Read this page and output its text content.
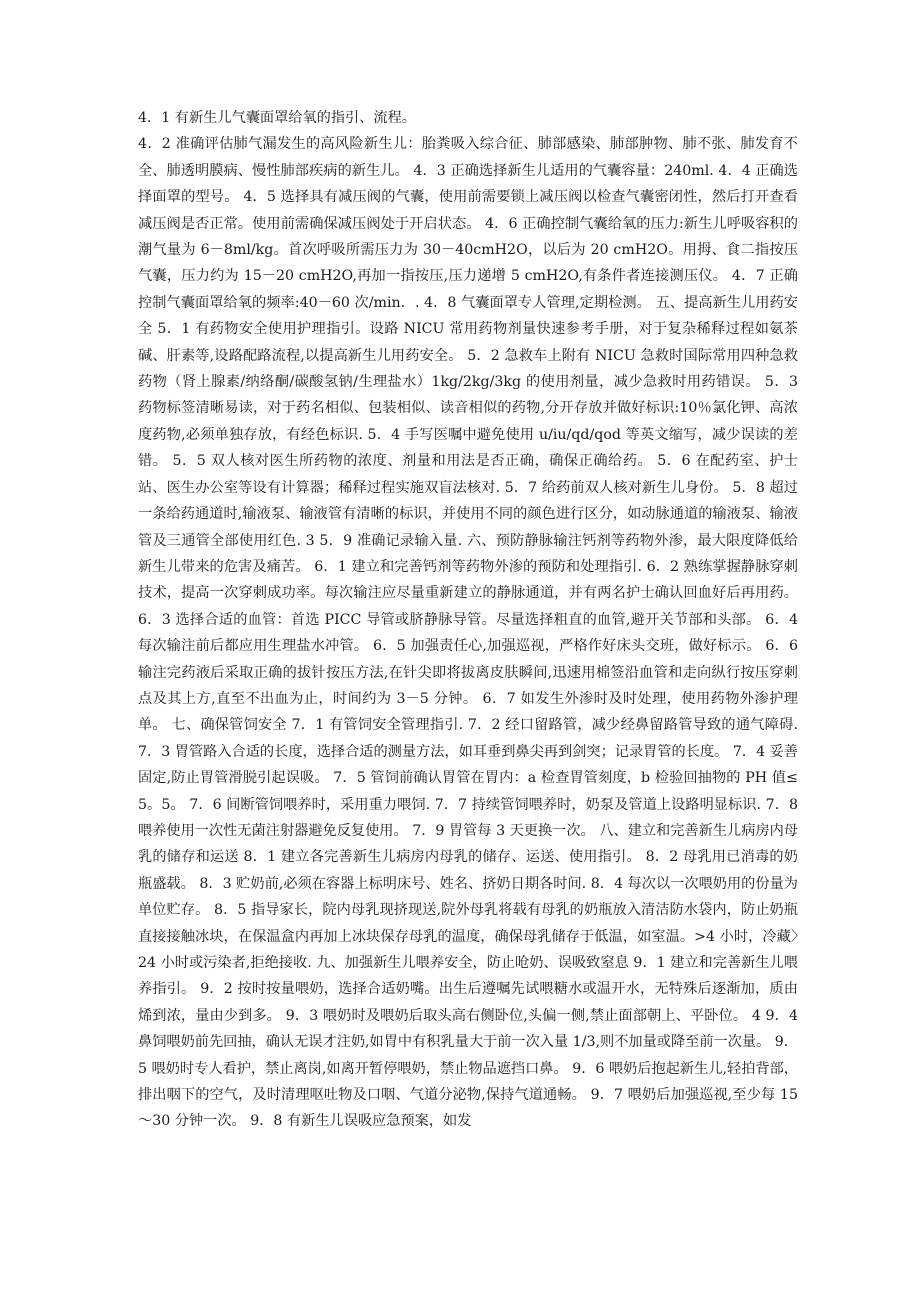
4．1 有新生儿气囊面罩给氧的指引、流程。

4．2 准确评估肺气漏发生的高风险新生儿：胎粪吸入综合征、肺部感染、肺部肿物、肺不张、肺发育不全、肺透明膜病、慢性肺部疾病的新生儿。 4．3 正确选择新生儿适用的气囊容量：240ml. 4．4 正确选择面罩的型号。 4．5 选择具有减压阀的气囊，使用前需要锁上减压阀以检查气囊密闭性，然后打开查看减压阀是否正常。使用前需确保减压阀处于开启状态。 4．6 正确控制气囊给氧的压力:新生儿呼吸容积的潮气量为 6－8ml/kg。首次呼吸所需压力为 30－40cmH2O，以后为 20 cmH2O。用拇、食二指按压气囊，压力约为 15－20 cmH2O,再加一指按压,压力递增 5 cmH2O,有条件者连接测压仪。 4．7 正确控制气囊面罩给氧的频率:40－60 次/min．. 4．8 气囊面罩专人管理,定期检测。 五、提高新生儿用药安全 5．1 有药物安全使用护理指引。设路 NICU 常用药物剂量快速参考手册，对于复杂稀释过程如氨茶碱、肝素等,设路配路流程,以提高新生儿用药安全。 5．2 急救车上附有 NICU 急救时国际常用四种急救药物（肾上腺素/纳络酮/碳酸氢钠/生理盐水）1kg/2kg/3kg 的使用剂量，减少急救时用药错误。 5．3 药物标签清晰易读，对于药名相似、包装相似、读音相似的药物,分开存放并做好标识:10％氯化钾、高浓度药物,必须单独存放，有经色标识. 5．4 手写医嘱中避免使用 u/iu/qd/qod 等英文缩写，减少误读的差错。 5．5 双人核对医生所药物的浓度、剂量和用法是否正确，确保正确给药。 5．6 在配药室、护士站、医生办公室等设有计算器；稀释过程实施双盲法核对. 5．7 给药前双人核对新生儿身份。 5．8 超过一条给药通道时,输液泵、输液管有清晰的标识，并使用不同的颜色进行区分，如动脉通道的输液泵、输液管及三通管全部使用红色. 3 5．9 准确记录输入量. 六、预防静脉输注钙剂等药物外渗，最大限度降低给新生儿带来的危害及痛苦。 6．1 建立和完善钙剂等药物外渗的预防和处理指引. 6．2 熟练掌握静脉穿刺技术，提高一次穿刺成功率。每次输注应尽量重新建立的静脉通道，并有两名护士确认回血好后再用药。 6．3 选择合适的血管：首选 PICC 导管或脐静脉导管。尽量选择粗直的血管,避开关节部和头部。 6．4 每次输注前后都应用生理盐水冲管。 6．5 加强责任心,加强巡视，严格作好床头交班，做好标示。 6．6 输注完药液后采取正确的拔针按压方法,在针尖即将拔离皮肤瞬间,迅速用棉签沿血管和走向纵行按压穿刺点及其上方,直至不出血为止，时间约为 3－5 分钟。 6．7 如发生外渗时及时处理，使用药物外渗护理单。 七、确保管饲安全 7．1 有管饲安全管理指引. 7．2 经口留路管，减少经鼻留路管导致的通气障碍. 7．3 胃管路入合适的长度，选择合适的测量方法，如耳垂到鼻尖再到剑突；记录胃管的长度。 7．4 妥善固定,防止胃管滑脱引起误吸。 7．5 管饲前确认胃管在胃内：a 检查胃管刻度，b 检验回抽物的 PH 值≤5。5。 7．6 间断管饲喂养时，采用重力喂饲. 7．7 持续管饲喂养时，奶泵及管道上设路明显标识. 7．8 喂养使用一次性无菌注射器避免反复使用。 7．9 胃管每 3 天更换一次。 八、建立和完善新生儿病房内母乳的储存和运送 8．1 建立各完善新生儿病房内母乳的储存、运送、使用指引。 8．2 母乳用已消毒的奶瓶盛载。 8．3 贮奶前,必须在容器上标明床号、姓名、挤奶日期各时间. 8．4 每次以一次喂奶用的份量为单位贮存。 8．5 指导家长，院内母乳现挤现送,院外母乳将载有母乳的奶瓶放入清洁防水袋内，防止奶瓶直接接触冰块，在保温盒内再加上冰块保存母乳的温度，确保母乳储存于低温，如室温。>4 小时，冷藏〉24 小时或污染者,拒绝接收. 九、加强新生儿喂养安全，防止呛奶、误吸致窒息 9．1 建立和完善新生儿喂养指引。 9．2 按时按量喂奶，选择合适奶嘴。出生后遵嘱先试喂糖水或温开水，无特殊后逐渐加，质由烯到浓，量由少到多。 9．3 喂奶时及喂奶后取头高右侧卧位,头偏一侧,禁止面部朝上、平卧位。 4 9．4 鼻饲喂奶前先回抽，确认无误才注奶,如胃中有积乳量大于前一次入量 1/3,则不加量或降至前一次量。 9．5 喂奶时专人看护，禁止离岗,如离开暂停喂奶，禁止物品遮挡口鼻。 9．6 喂奶后抱起新生儿,轻拍背部，排出咽下的空气，及时清理呕吐物及口咽、气道分泌物,保持气道通畅。 9．7 喂奶后加强巡视,至少每 15～30 分钟一次。 9．8 有新生儿误吸应急预案，如发
